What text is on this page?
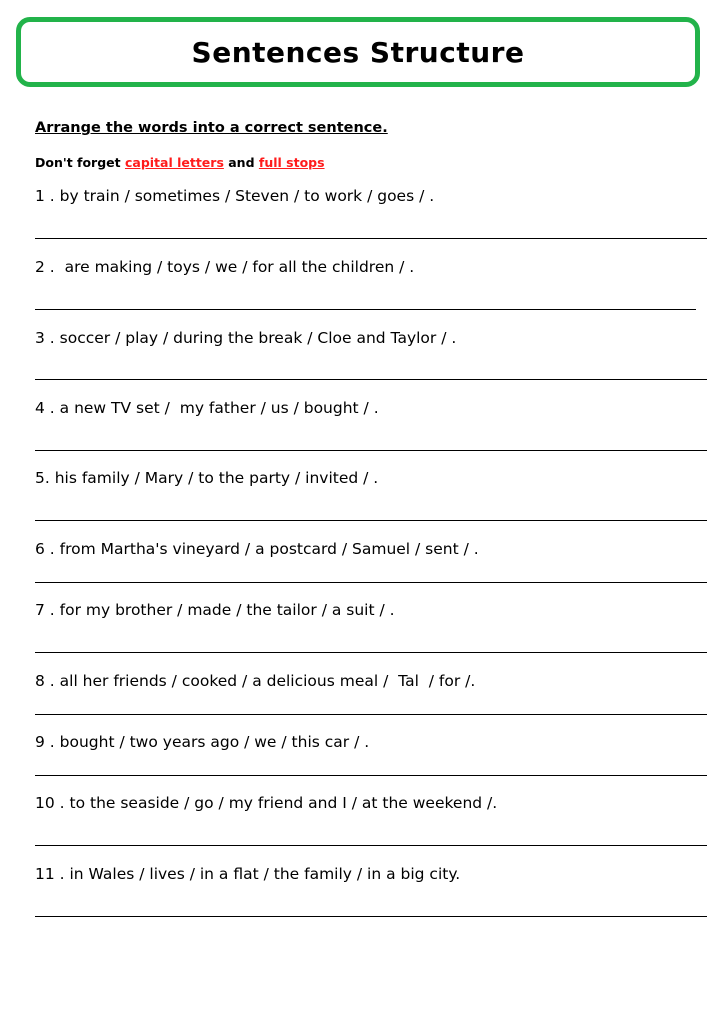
Sentences Structure
Arrange the words into a correct sentence.
Don't forget capital letters and full stops
1 . by train / sometimes / Steven / to work / goes / .
2 .  are making / toys / we / for all the children / .
3 . soccer / play / during the break / Cloe and Taylor / .
4 . a new TV set /  my father / us / bought / .
5. his family / Mary / to the party / invited / .
6 . from Martha's vineyard / a postcard / Samuel / sent / .
7 . for my brother / made / the tailor / a suit / .
8 . all her friends / cooked / a delicious meal /  Tal  / for /.
9 . bought / two years ago / we / this car / .
10 . to the seaside / go / my friend and I / at the weekend /.
11 . in Wales / lives / in a flat / the family / in a big city.
